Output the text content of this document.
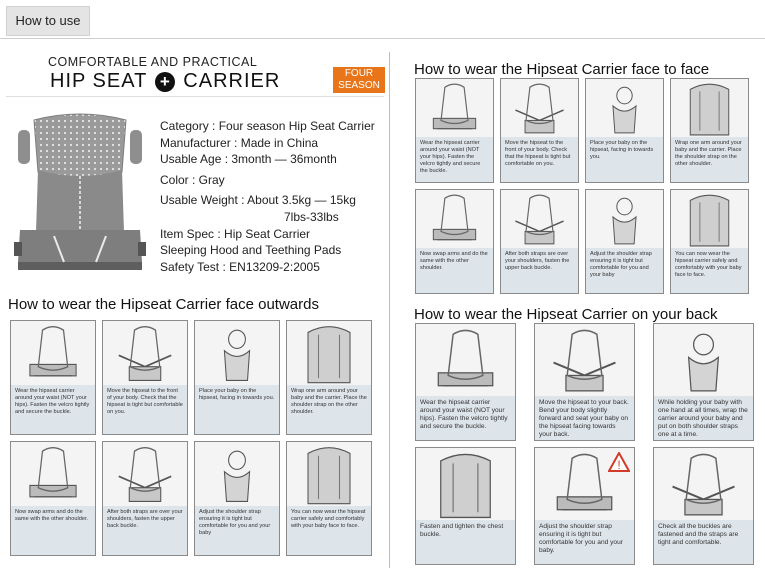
How to use
COMFORTABLE AND PRACTICAL
HIP SEAT + CARRIER	FOUR SEASON
Category : Four season Hip Seat Carrier
Manufacturer : Made in China
Usable Age : 3month — 36month
Color : Gray
Usable Weight : About 3.5kg — 15kg
7lbs-33lbs
Item Spec : Hip Seat Carrier
Sleeping Hood and Teething Pads
Safety Test : EN13209-2:2005
How to wear the Hipseat Carrier face outwards
How to wear the Hipseat Carrier face to face
How to wear the Hipseat Carrier on your back
Wear the hipseat carrier around your waist (NOT your hips). Fasten the velcro tightly and secure the buckle.
Move the hipseat to the front of your body. Check that the hipseat is tight but comfortable on you.
Place your baby on the hipseat, facing in towards you.
Wrap one arm around your baby and the carrier. Place the shoulder strap on the other shoulder.
Now swap arms and do the same with the other shoulder.
After both straps are over your shoulders, fasten the upper back buckle.
Adjust the shoulder strap ensuring it is tight but comfortable for you and your baby
You can now wear the hipseat carrier safely and comfortably with your baby face to face.
Wear the hipseat carrier around your waist (NOT your hips). Fasten the velcro tightly and secure the buckle.
Move the hipseat to the front of your body. Check that the hipseat is tight but comfortable on you.
Place your baby on the hipseat, facing in towards you.
Wrap one arm around your baby and the carrier. Place the shoulder strap on the other shoulder.
Now swap arms and do the same with the other shoulder.
After both straps are over your shoulders, fasten the upper back buckle.
Adjust the shoulder strap ensuring it is tight but comfortable for you and your baby
You can now wear the hipseat carrier safely and comfortably with your baby face to face.
Wear the hipseat carrier around your waist (NOT your hips). Fasten the velcro tightly and secure the buckle.
Move the hipseat to your back. Bend your body slightly forward and seat your baby on the hipseat facing towards your back.
While holding your baby with one hand at all times, wrap the carrier around your baby and put on both shoulder straps one at a time.
Fasten and tighten the chest buckle.
!
Adjust the shoulder strap ensuring it is tight but comfortable for you and your baby.
Check all the buckles are fastened and the straps are tight and comfortable.
